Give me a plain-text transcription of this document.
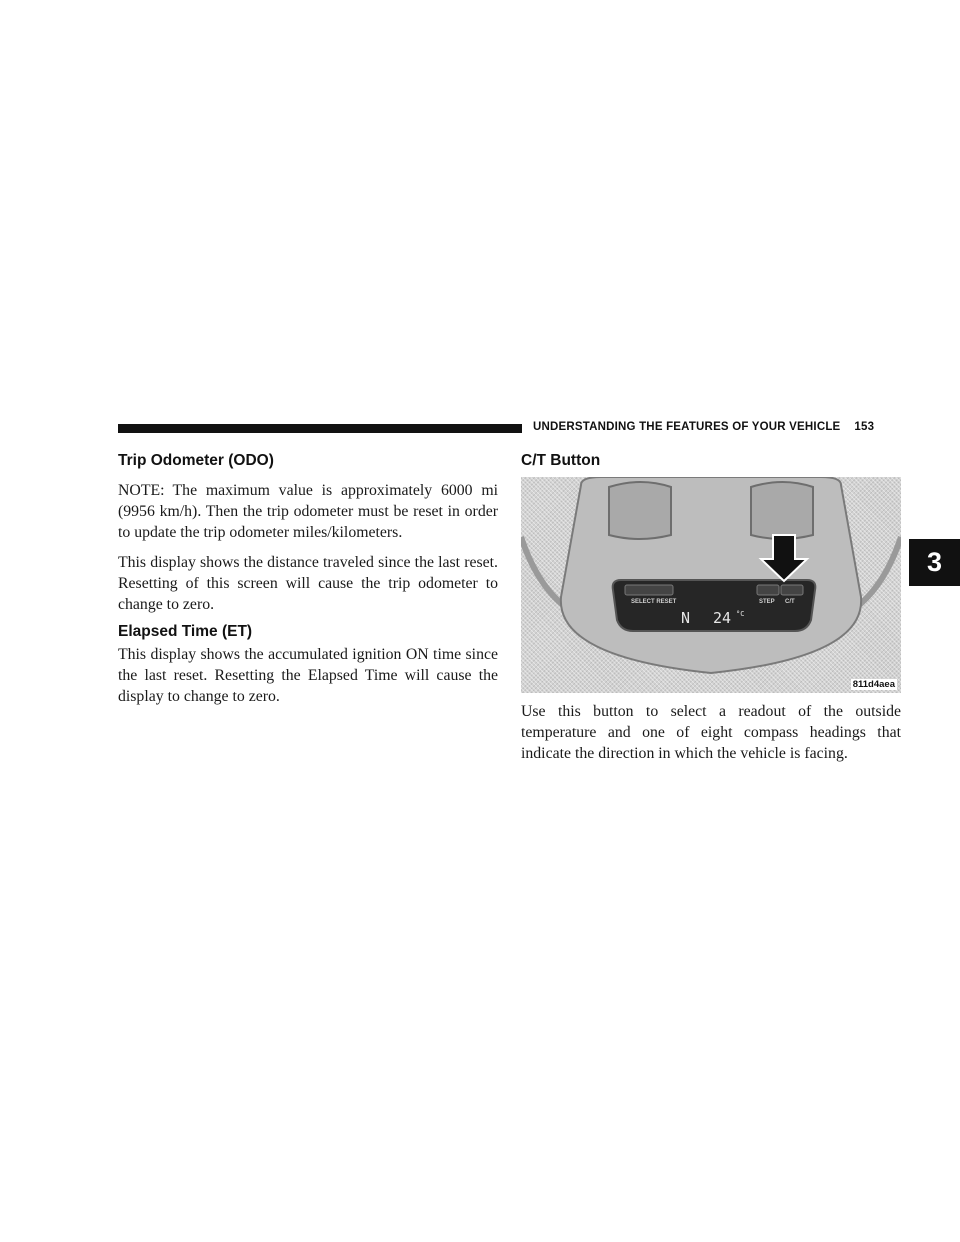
UNDERSTANDING THE FEATURES OF YOUR VEHICLE 153
3
Trip Odometer (ODO)

NOTE: The maximum value is approximately 6000 mi (9956 km/h). Then the trip odometer must be reset in order to update the trip odometer miles/kilometers.

This display shows the distance traveled since the last reset. Resetting of this screen will cause the trip odometer to change to zero.

Elapsed Time (ET)

This display shows the accumulated ignition ON time since the last reset. Resetting the Elapsed Time will cause the display to change to zero.

C/T Button
SELECT RESET	STEP C/T
N 24 °C
811d4aea

Use this button to select a readout of the outside temperature and one of eight compass headings that indicate the direction in which the vehicle is facing.
